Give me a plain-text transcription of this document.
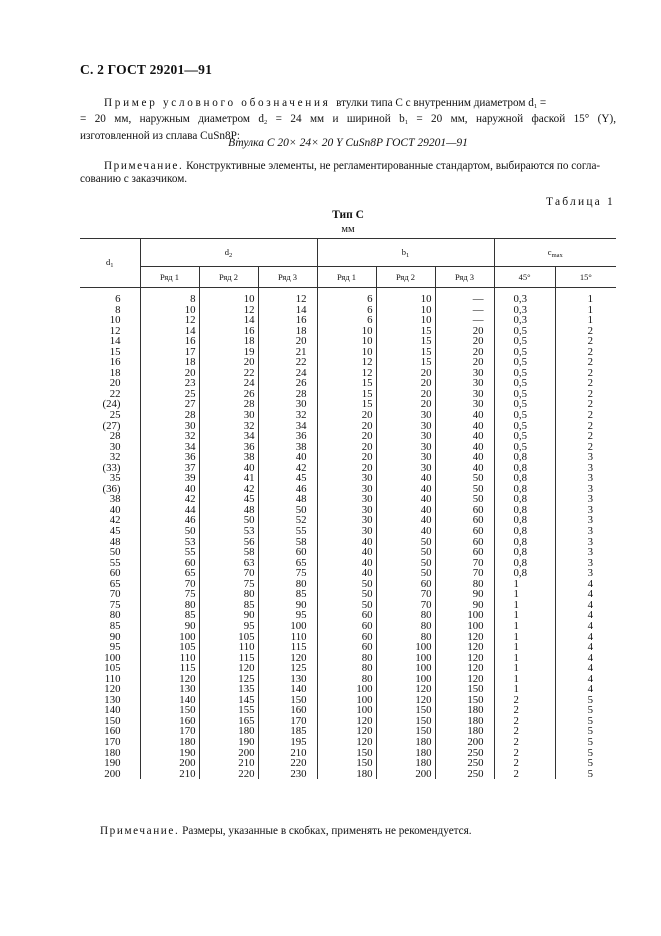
С. 2 ГОСТ 29201—91
Пример условного обозначения втулки типа C с внутренним диаметром $d_1$ =
= 20 мм, наружным диаметром $d_2 = 24$ мм и шириной $b_1 = 20$ мм, наружной фаской 15° (Y),
изготовленной из сплава CuSn8P:
Втулка С 20× 24× 20 Y CuSn8P ГОСТ 29201—91
Примечание. Конструктивные элементы, не регламентированные стандартом, выбираются по согла-
сованию с заказчиком.
Таблица 1
Тип C
мм
$d_1$	$d_2$			$b_1$			$c_{max}$
	Ряд 1	Ряд 2	Ряд 3	Ряд 1	Ряд 2	Ряд 3	45°	15°
6	8	10	12	6	10	—	0,3	1
8	10	12	14	6	10	—	0,3	1
10	12	14	16	6	10	—	0,3	1
12	14	16	18	10	15	20	0,5	2
14	16	18	20	10	15	20	0,5	2
15	17	19	21	10	15	20	0,5	2
16	18	20	22	12	15	20	0,5	2
18	20	22	24	12	20	30	0,5	2
20	23	24	26	15	20	30	0,5	2
22	25	26	28	15	20	30	0,5	2
(24)	27	28	30	15	20	30	0,5	2
25	28	30	32	20	30	40	0,5	2
(27)	30	32	34	20	30	40	0,5	2
28	32	34	36	20	30	40	0,5	2
30	34	36	38	20	30	40	0,5	2
32	36	38	40	20	30	40	0,8	3
(33)	37	40	42	20	30	40	0,8	3
35	39	41	45	30	40	50	0,8	3
(36)	40	42	46	30	40	50	0,8	3
38	42	45	48	30	40	50	0,8	3
40	44	48	50	30	40	60	0,8	3
42	46	50	52	30	40	60	0,8	3
45	50	53	55	30	40	60	0,8	3
48	53	56	58	40	50	60	0,8	3
50	55	58	60	40	50	60	0,8	3
55	60	63	65	40	50	70	0,8	3
60	65	70	75	40	50	70	0,8	3
65	70	75	80	50	60	80	1	4
70	75	80	85	50	70	90	1	4
75	80	85	90	50	70	90	1	4
80	85	90	95	60	80	100	1	4
85	90	95	100	60	80	100	1	4
90	100	105	110	60	80	120	1	4
95	105	110	115	60	100	120	1	4
100	110	115	120	80	100	120	1	4
105	115	120	125	80	100	120	1	4
110	120	125	130	80	100	120	1	4
120	130	135	140	100	120	150	1	4
130	140	145	150	100	120	150	2	5
140	150	155	160	100	150	180	2	5
150	160	165	170	120	150	180	2	5
160	170	180	185	120	150	180	2	5
170	180	190	195	120	180	200	2	5
180	190	200	210	150	180	250	2	5
190	200	210	220	150	180	250	2	5
200	210	220	230	180	200	250	2	5
Примечание. Размеры, указанные в скобках, применять не рекомендуется.
